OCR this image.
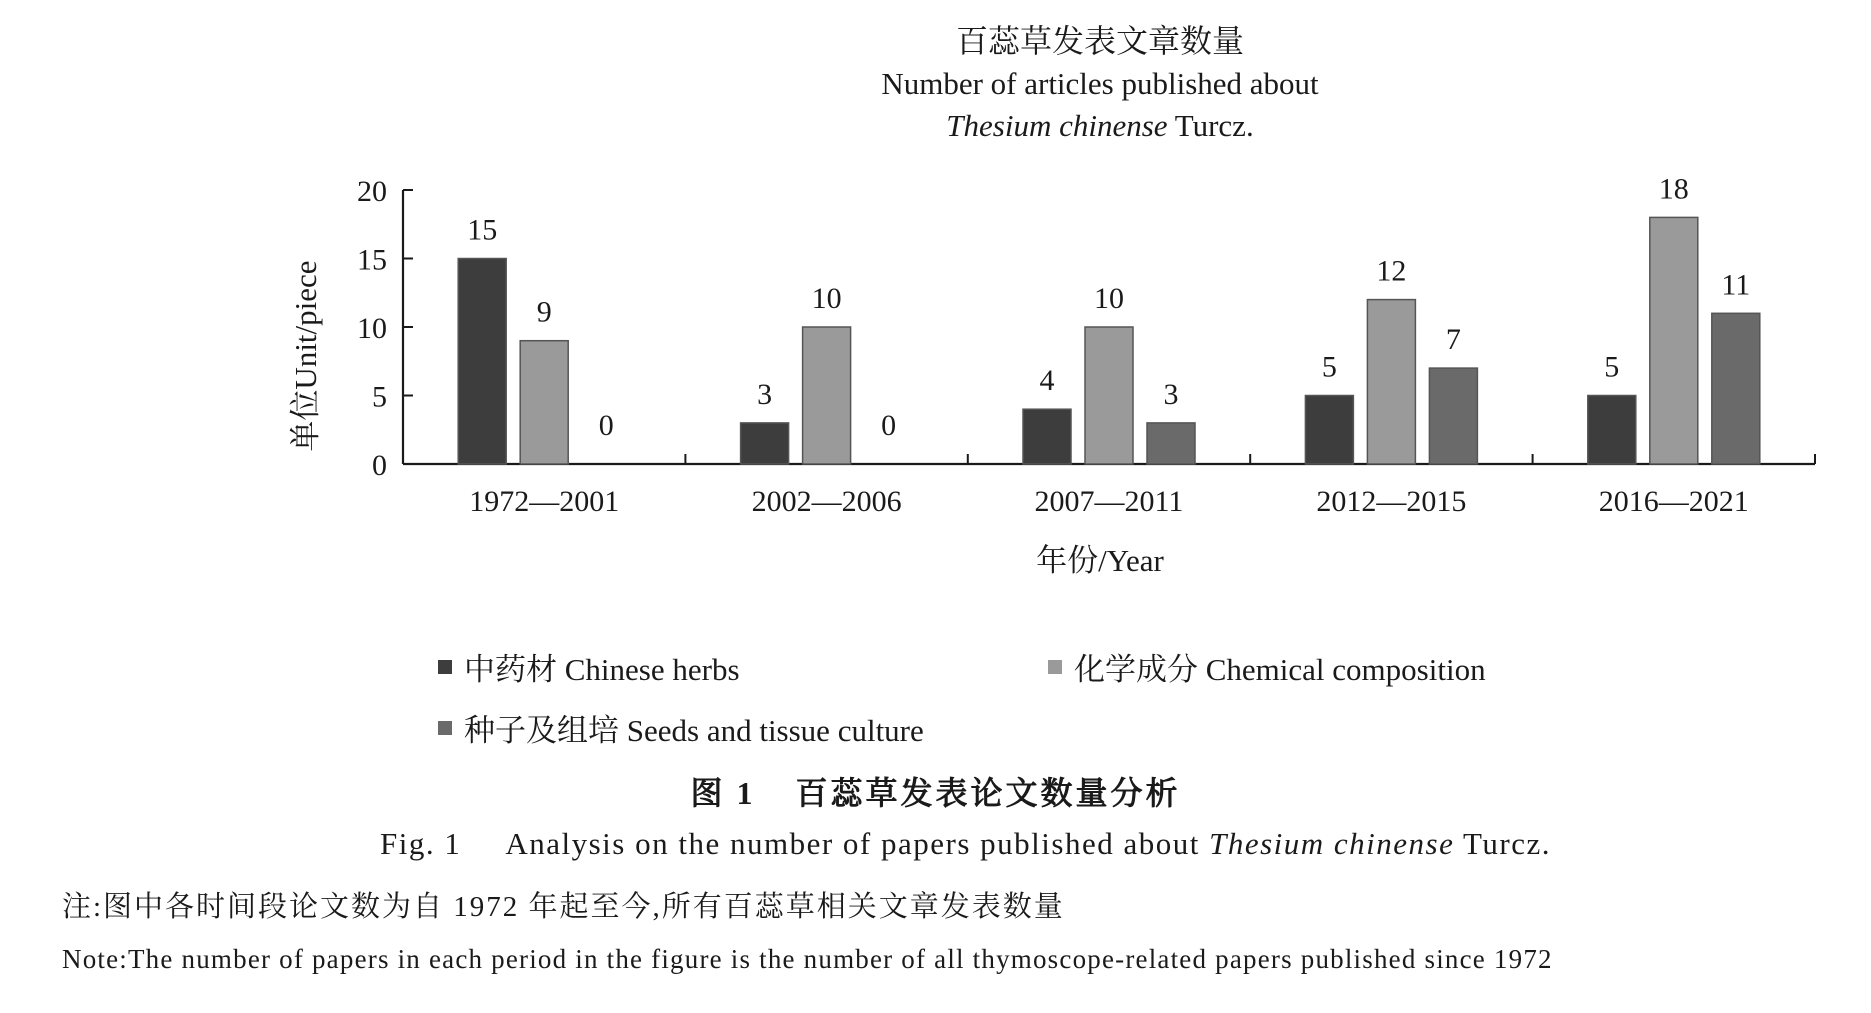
百蕊草发表文章数量
Number of articles published about
Thesium chinense Turcz.
单位Unit/piece
年份/Year
0
5
10
15
20
1972—2001
15
9
0
2002—2006
3
10
0
2007—2011
4
10
3
2012—2015
5
12
7
2016—2021
5
18
11
中药材 Chinese herbs	化学成分 Chemical composition
种子及组培 Seeds and tissue culture
图 1 百蕊草发表论文数量分析
Fig. 1 Analysis on the number of papers published about Thesium chinense Turcz.
注:图中各时间段论文数为自 1972 年起至今,所有百蕊草相关文章发表数量
Note:The number of papers in each period in the figure is the number of all thymoscope-related papers published since 1972
